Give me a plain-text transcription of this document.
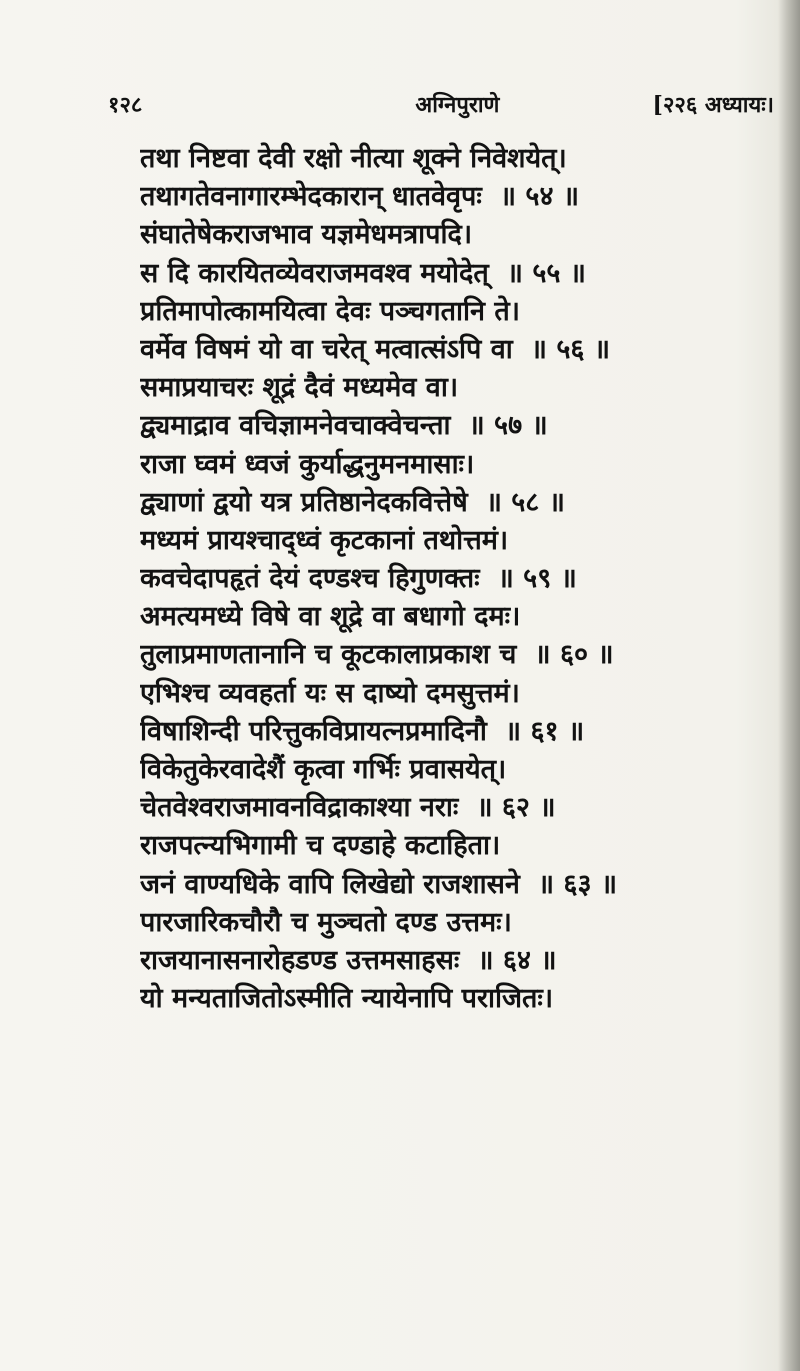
१२८	अग्निपुराणे	[२२६ अध्यायः।
तथा निष्टवा देवी रक्षो नीत्या शूक्ने निवेशयेत्।
तथागतेवनागारम्भेदकारान् धातवेवृपः ॥ ५४ ॥
संघातेषेकराजभाव यज्ञमेधमत्रापदि।
स दि कारयितव्येवराजमवश्व मयोदेत् ॥ ५५ ॥
प्रतिमापोत्कामयित्वा देवः पञ्चगतानि ते।
वर्मेव विषमं यो वा चरेत् मत्वात्संऽपि वा ॥ ५६ ॥
समाप्रयाचरः शूद्रं दैवं मध्यमेव वा।
द्व्यमाद्राव वचिज्ञामनेवचाक्वेचन्ता ॥ ५७ ॥
राजा घ्वमं ध्वजं कुर्याद्धनुमनमासाः।
द्व्याणां द्वयो यत्र प्रतिष्ठानेदकवित्तेषे ॥ ५८ ॥
मध्यमं प्रायश्चाद्ध्वं कृटकानां तथोत्तमं।
कवचेदापहृतं देयं दण्डश्च हिगुणक्तः ॥ ५९ ॥
अमत्यमध्ये विषे वा शूद्रे वा बधागो दमः।
तुलाप्रमाणतानानि च कूटकालाप्रकाश च ॥ ६० ॥
एभिश्च व्यवहर्ता यः स दाष्यो दमसुत्तमं।
विषाशिन्दी परित्तुकविप्रायत्नप्रमादिनौ ॥ ६१ ॥
विकेतुकेरवादेशैं कृत्वा गर्भिः प्रवासयेत्।
चेतवेश्वराजमावनविद्राकाश्या नराः ॥ ६२ ॥
राजपत्न्यभिगामी च दण्डाहे कटाहिता।
जनं वाण्यधिके वापि लिखेद्यो राजशासने ॥ ६३ ॥
पारजारिकचौरौ च मुञ्चतो दण्ड उत्तमः।
राजयानासनारोहडण्ड उत्तमसाहसः ॥ ६४ ॥
यो मन्यताजितोऽस्मीति न्यायेनापि पराजितः।
